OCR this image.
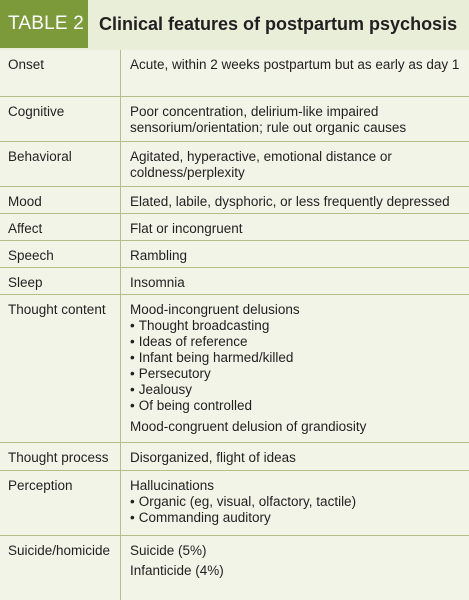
TABLE 2 Clinical features of postpartum psychosis
Onset	Acute, within 2 weeks postpartum but as early as day 1
Cognitive	Poor concentration, delirium-like impaired sensorium/orientation; rule out organic causes
Behavioral	Agitated, hyperactive, emotional distance or coldness/perplexity
Mood	Elated, labile, dysphoric, or less frequently depressed
Affect	Flat or incongruent
Speech	Rambling
Sleep	Insomnia
Thought content	Mood-incongruent delusions
• Thought broadcasting
• Ideas of reference
• Infant being harmed/killed
• Persecutory
• Jealousy
• Of being controlled
Mood-congruent delusion of grandiosity
Thought process	Disorganized, flight of ideas
Perception	Hallucinations
• Organic (eg, visual, olfactory, tactile)
• Commanding auditory
Suicide/homicide	Suicide (5%)
Infanticide (4%)
